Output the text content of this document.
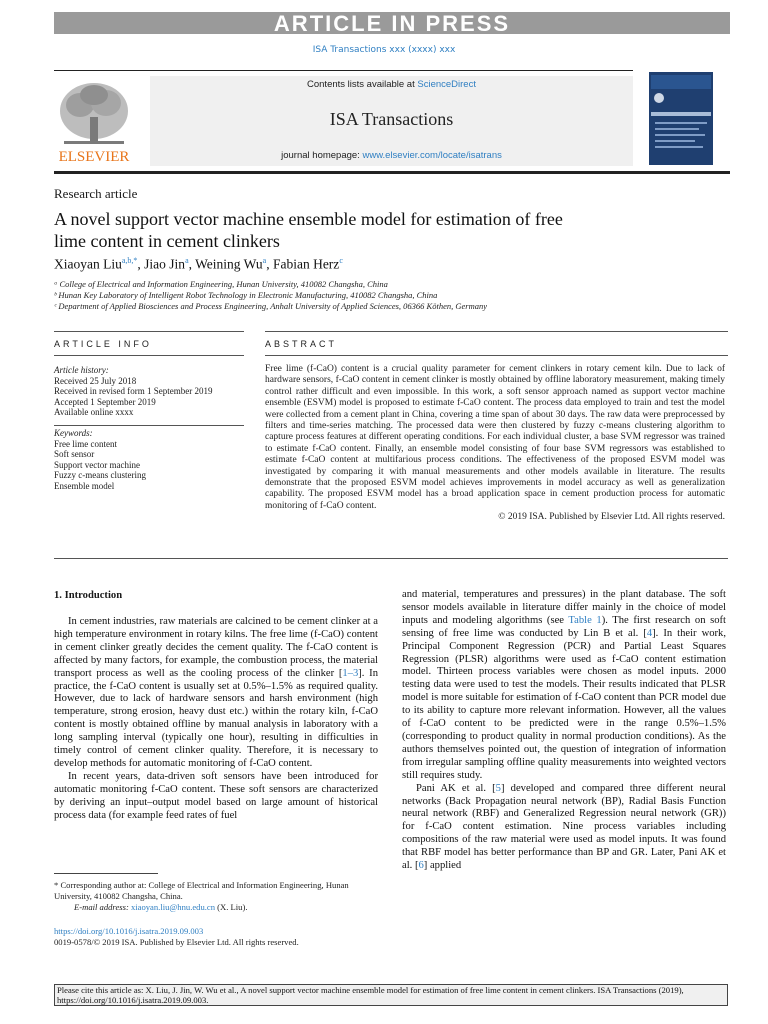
ARTICLE IN PRESS
ISA Transactions xxx (xxxx) xxx
ELSEVIER
Contents lists available at ScienceDirect
ISA Transactions
journal homepage: www.elsevier.com/locate/isatrans
Research article
A novel support vector machine ensemble model for estimation of free
lime content in cement clinkers
Xiaoyan Liu$^{a,b,*}$, Jiao Jin$^a$, Weining Wu$^a$, Fabian Herz$^c$
ᵃ College of Electrical and Information Engineering, Hunan University, 410082 Changsha, China
ᵇ Hunan Key Laboratory of Intelligent Robot Technology in Electronic Manufacturing, 410082 Changsha, China
ᶜ Department of Applied Biosciences and Process Engineering, Anhalt University of Applied Sciences, 06366 Köthen, Germany
ARTICLE INFO	ABSTRACT
Article history:
Received 25 July 2018
Received in revised form 1 September 2019
Accepted 1 September 2019
Available online xxxx
Keywords:
Free lime content
Soft sensor
Support vector machine
Fuzzy c-means clustering
Ensemble model
Free lime (f-CaO) content is a crucial quality parameter for cement clinkers in rotary cement kiln. Due to lack of hardware sensors, f-CaO content in cement clinker is mostly obtained by offline laboratory measurement, making timely control rather difficult and even impossible. In this work, a soft sensor approach named as support vector machine ensemble (ESVM) model is proposed to estimate f-CaO content. The process data employed to train and test the model were collected from a cement plant in China, covering a time span of about 30 days. The raw data were preprocessed by filters and time-series matching. The processed data were then clustered by fuzzy c-means clustering algorithm to capture process features at different operating conditions. For each individual cluster, a base SVM regressor was trained to estimate f-CaO content. Finally, an ensemble model consisting of four base SVM regressors was established to estimate f-CaO content at multifarious process conditions. The effectiveness of the proposed ESVM model was investigated by comparing it with manual measurements and other models available in literature. The results demonstrate that the proposed ESVM model achieves improvements in model accuracy as well as generalization capability. The proposed ESVM model has a broad application space in cement production process for automatic monitoring of f-CaO content.
© 2019 ISA. Published by Elsevier Ltd. All rights reserved.
1. Introduction

In cement industries, raw materials are calcined to be cement clinker at a high temperature environment in rotary kilns. The free lime (f-CaO) content in cement clinker greatly decides the cement quality. The f-CaO content is affected by many factors, for example, the combustion process, the material transport process as well as the cooling process of the clinker [1–3]. In practice, the f-CaO content is usually set at 0.5%–1.5% as required quality. However, due to lack of hardware sensors and harsh environment (high temperature, strong erosion, heavy dust etc.) within the rotary kiln, f-CaO content is mostly obtained offline by manual analysis in laboratory with a long sampling interval (typically one hour), resulting in difficulties in timely control of cement clinker quality. Therefore, it is necessary to develop methods for automatic monitoring of f-CaO content.

In recent years, data-driven soft sensors have been introduced for automatic monitoring f-CaO content. These soft sensors are characterized by deriving an input–output model based on large amount of historical process data (for example feed rates of fuel

and material, temperatures and pressures) in the plant database. The soft sensor models available in literature differ mainly in the choice of model inputs and modeling algorithms (see Table 1). The first research on soft sensing of free lime was conducted by Lin B et al. [4]. In their work, Principal Component Regression (PCR) and Partial Least Squares Regression (PLSR) algorithms were used as f-CaO content estimation model. Thirteen process variables were chosen as model inputs. 2000 testing data were used to test the models. Their results indicated that PLSR model is more suitable for estimation of f-CaO content than PCR model due to its ability to capture more relevant information. However, all the values of f-CaO content to be predicted were in the range 0.5%–1.5% (corresponding to product quality in normal production conditions). As the authors themselves pointed out, the question of integration of information from irregular sampling offline quality measurements into weighted vectors still requires study.

Pani AK et al. [5] developed and compared three different neural networks (Back Propagation neural network (BP), Radial Basis Function neural network (RBF) and Generalized Regression neural network (GR)) for f-CaO content estimation. Nine process variables including compositions of the raw material were used as model inputs. It was found that RBF model has better performance than BP and GR. Later, Pani AK et al. [6] applied

* Corresponding author at: College of Electrical and Information Engineering, Hunan University, 410082 Changsha, China.
E-mail address: xiaoyan.liu@hnu.edu.cn (X. Liu).
https://doi.org/10.1016/j.isatra.2019.09.003
0019-0578/© 2019 ISA. Published by Elsevier Ltd. All rights reserved.
Please cite this article as: X. Liu, J. Jin, W. Wu et al., A novel support vector machine ensemble model for estimation of free lime content in cement clinkers. ISA Transactions (2019), https://doi.org/10.1016/j.isatra.2019.09.003.
